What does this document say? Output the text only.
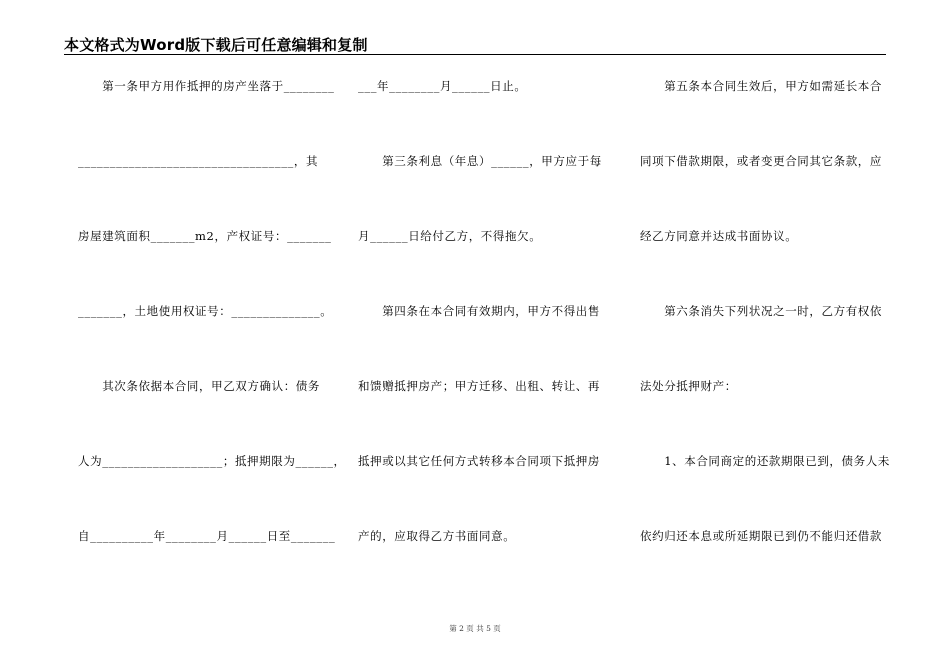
本文格式为Word版下载后可任意编辑和复制
　　第一条甲方用作抵押的房产坐落于________
__________________________________，其
房屋建筑面积_______m2，产权证号：_______
_______，土地使用权证号：______________。
　　其次条依据本合同，甲乙双方确认：债务
人为___________________；抵押期限为______，
自__________年________月______日至_______
___年________月______日止。
　　第三条利息（年息）______，甲方应于每
月______日给付乙方，不得拖欠。
　　第四条在本合同有效期内，甲方不得出售
和馈赠抵押房产；甲方迁移、出租、转让、再
抵押或以其它任何方式转移本合同项下抵押房
产的，应取得乙方书面同意。
　　第五条本合同生效后，甲方如需延长本合
同项下借款期限，或者变更合同其它条款，应
经乙方同意并达成书面协议。
　　第六条消失下列状况之一时，乙方有权依
法处分抵押财产：
　　1、本合同商定的还款期限已到，债务人未
依约归还本息或所延期限已到仍不能归还借款
第 2 页 共 5 页
